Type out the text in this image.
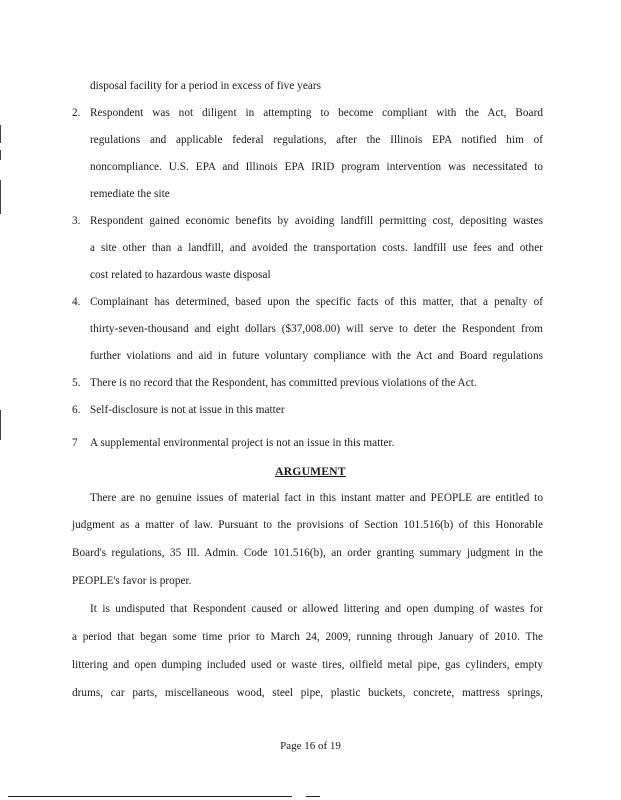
disposal facility for a period in excess of five years
2. Respondent was not diligent in attempting to become compliant with the Act, Board
regulations and applicable federal regulations, after the Illinois EPA notified him of
noncompliance. U.S. EPA and Illinois EPA IRID program intervention was necessitated to
remediate the site
3. Respondent gained economic benefits by avoiding landfill permitting cost, depositing wastes
a site other than a landfill, and avoided the transportation costs. landfill use fees and other
cost related to hazardous waste disposal
4. Complainant has determined, based upon the specific facts of this matter, that a penalty of
thirty-seven-thousand and eight dollars ($37,008.00) will serve to deter the Respondent from
further violations and aid in future voluntary compliance with the Act and Board regulations
5. There is no record that the Respondent, has committed previous violations of the Act.
6. Self-disclosure is not at issue in this matter
7 A supplemental environmental project is not an issue in this matter.
ARGUMENT
There are no genuine issues of material fact in this instant matter and PEOPLE are entitled to
judgment as a matter of law. Pursuant to the provisions of Section 101.516(b) of this Honorable
Board's regulations, 35 Ill. Admin. Code 101.516(b), an order granting summary judgment in the
PEOPLE's favor is proper.
It is undisputed that Respondent caused or allowed littering and open dumping of wastes for
a period that began some time prior to March 24, 2009, running through January of 2010. The
littering and open dumping included used or waste tires, oilfield metal pipe, gas cylinders, empty
drums, car parts, miscellaneous wood, steel pipe, plastic buckets, concrete, mattress springs,
Page 16 of 19
